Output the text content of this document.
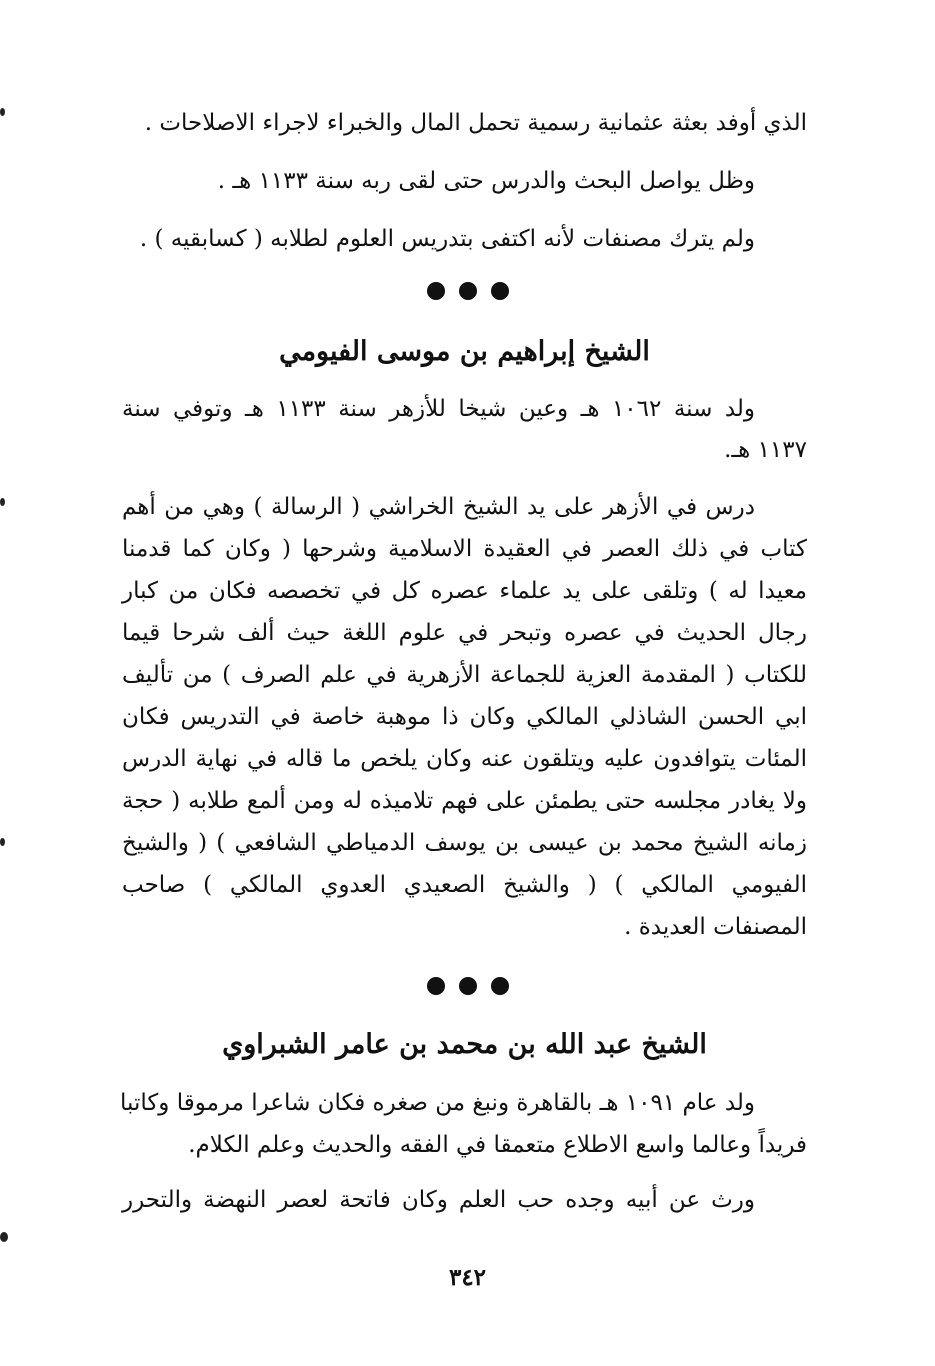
الذي أوفد بعثة عثمانية رسمية تحمل المال والخبراء لاجراء الاصلاحات .
وظل يواصل البحث والدرس حتى لقى ربه سنة ١١٣٣ هـ .
ولم يترك مصنفات لأنه اكتفى بتدريس العلوم لطلابه ( كسابقيه ) .
الشيخ إبراهيم بن موسى الفيومي
ولد سنة ١٠٦٢ هـ وعين شيخا للأزهر سنة ١١٣٣ هـ وتوفي سنة
١١٣٧ هـ.
درس في الأزهر على يد الشيخ الخراشي ( الرسالة ) وهي من أهم
كتاب في ذلك العصر في العقيدة الاسلامية وشرحها ( وكان كما قدمنا
معيدا له ) وتلقى على يد علماء عصره كل في تخصصه فكان من كبار
رجال الحديث في عصره وتبحر في علوم اللغة حيث ألف شرحا قيما
للكتاب ( المقدمة العزية للجماعة الأزهرية في علم الصرف ) من تأليف
ابي الحسن الشاذلي المالكي وكان ذا موهبة خاصة في التدريس فكان
المئات يتوافدون عليه ويتلقون عنه وكان يلخص ما قاله في نهاية الدرس
ولا يغادر مجلسه حتى يطمئن على فهم تلاميذه له ومن ألمع طلابه ( حجة
زمانه الشيخ محمد بن عيسى بن يوسف الدمياطي الشافعي ) ( والشيخ
الفيومي المالكي ) ( والشيخ الصعيدي العدوي المالكي ) صاحب
المصنفات العديدة .
الشيخ عبد الله بن محمد بن عامر الشبراوي
ولد عام ١٠٩١ هـ بالقاهرة ونبغ من صغره فكان شاعرا مرموقا وكاتبا
فريداً وعالما واسع الاطلاع متعمقا في الفقه والحديث وعلم الكلام.
ورث عن أبيه وجده حب العلم وكان فاتحة لعصر النهضة والتحرر
٣٤٢
